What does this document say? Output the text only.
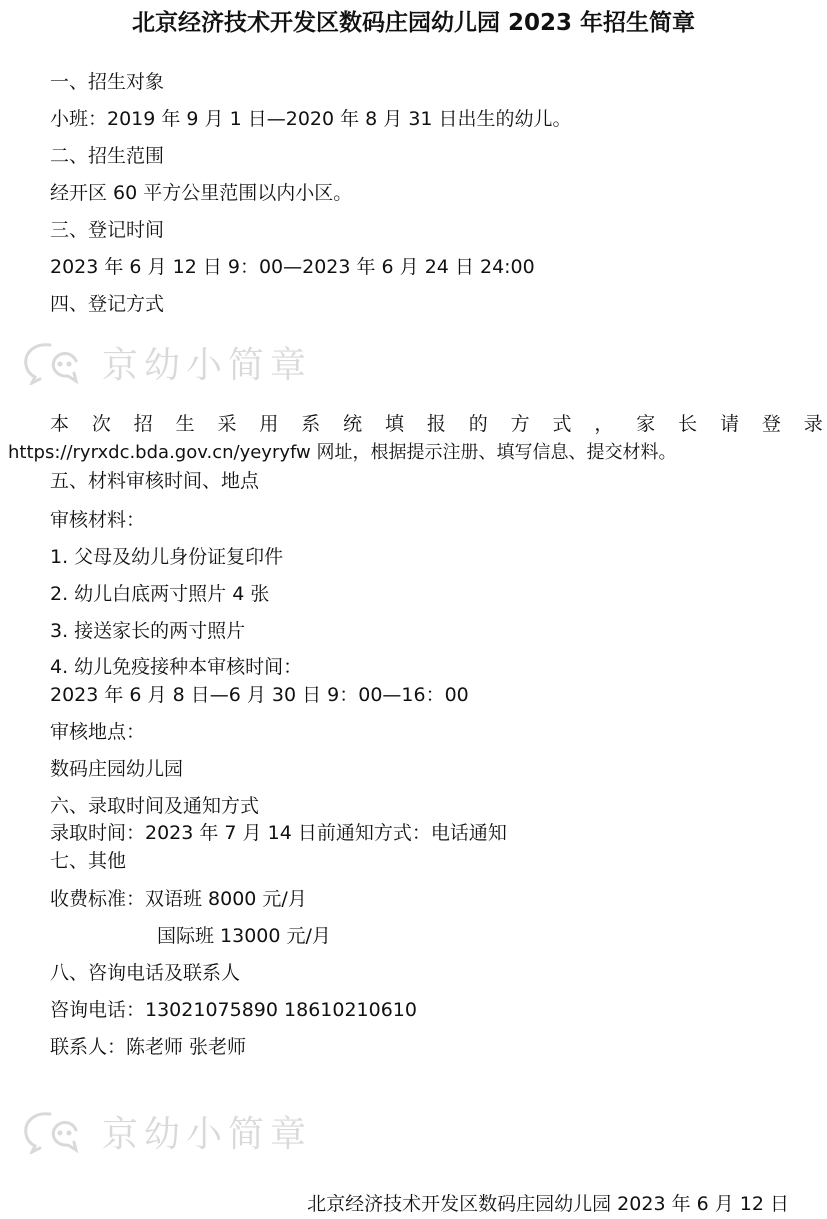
北京经济技术开发区数码庄园幼儿园 2023 年招生简章
一、招生对象
小班：2019 年 9 月 1 日—2020 年 8 月 31 日出生的幼儿。
二、招生范围
经开区 60 平方公里范围以内小区。
三、登记时间
2023 年 6 月 12 日 9：00—2023 年 6 月 24 日 24:00
四、登记方式
京幼小简章
本 次 招 生 采 用 系 统 填 报 的 方 式 ， 家 长 请 登 录
https://ryrxdc.bda.gov.cn/yeyryfw 网址，根据提示注册、填写信息、提交材料。
五、材料审核时间、地点
审核材料：
1. 父母及幼儿身份证复印件
2. 幼儿白底两寸照片 4 张
3. 接送家长的两寸照片
4. 幼儿免疫接种本审核时间：
2023 年 6 月 8 日—6 月 30 日 9：00—16：00
审核地点：
数码庄园幼儿园
六、录取时间及通知方式
录取时间：2023 年 7 月 14 日前通知方式：电话通知
七、其他
收费标准：双语班 8000 元/月
国际班 13000 元/月
八、咨询电话及联系人
咨询电话：13021075890 18610210610
联系人：陈老师 张老师
京幼小简章
北京经济技术开发区数码庄园幼儿园 2023 年 6 月 12 日
